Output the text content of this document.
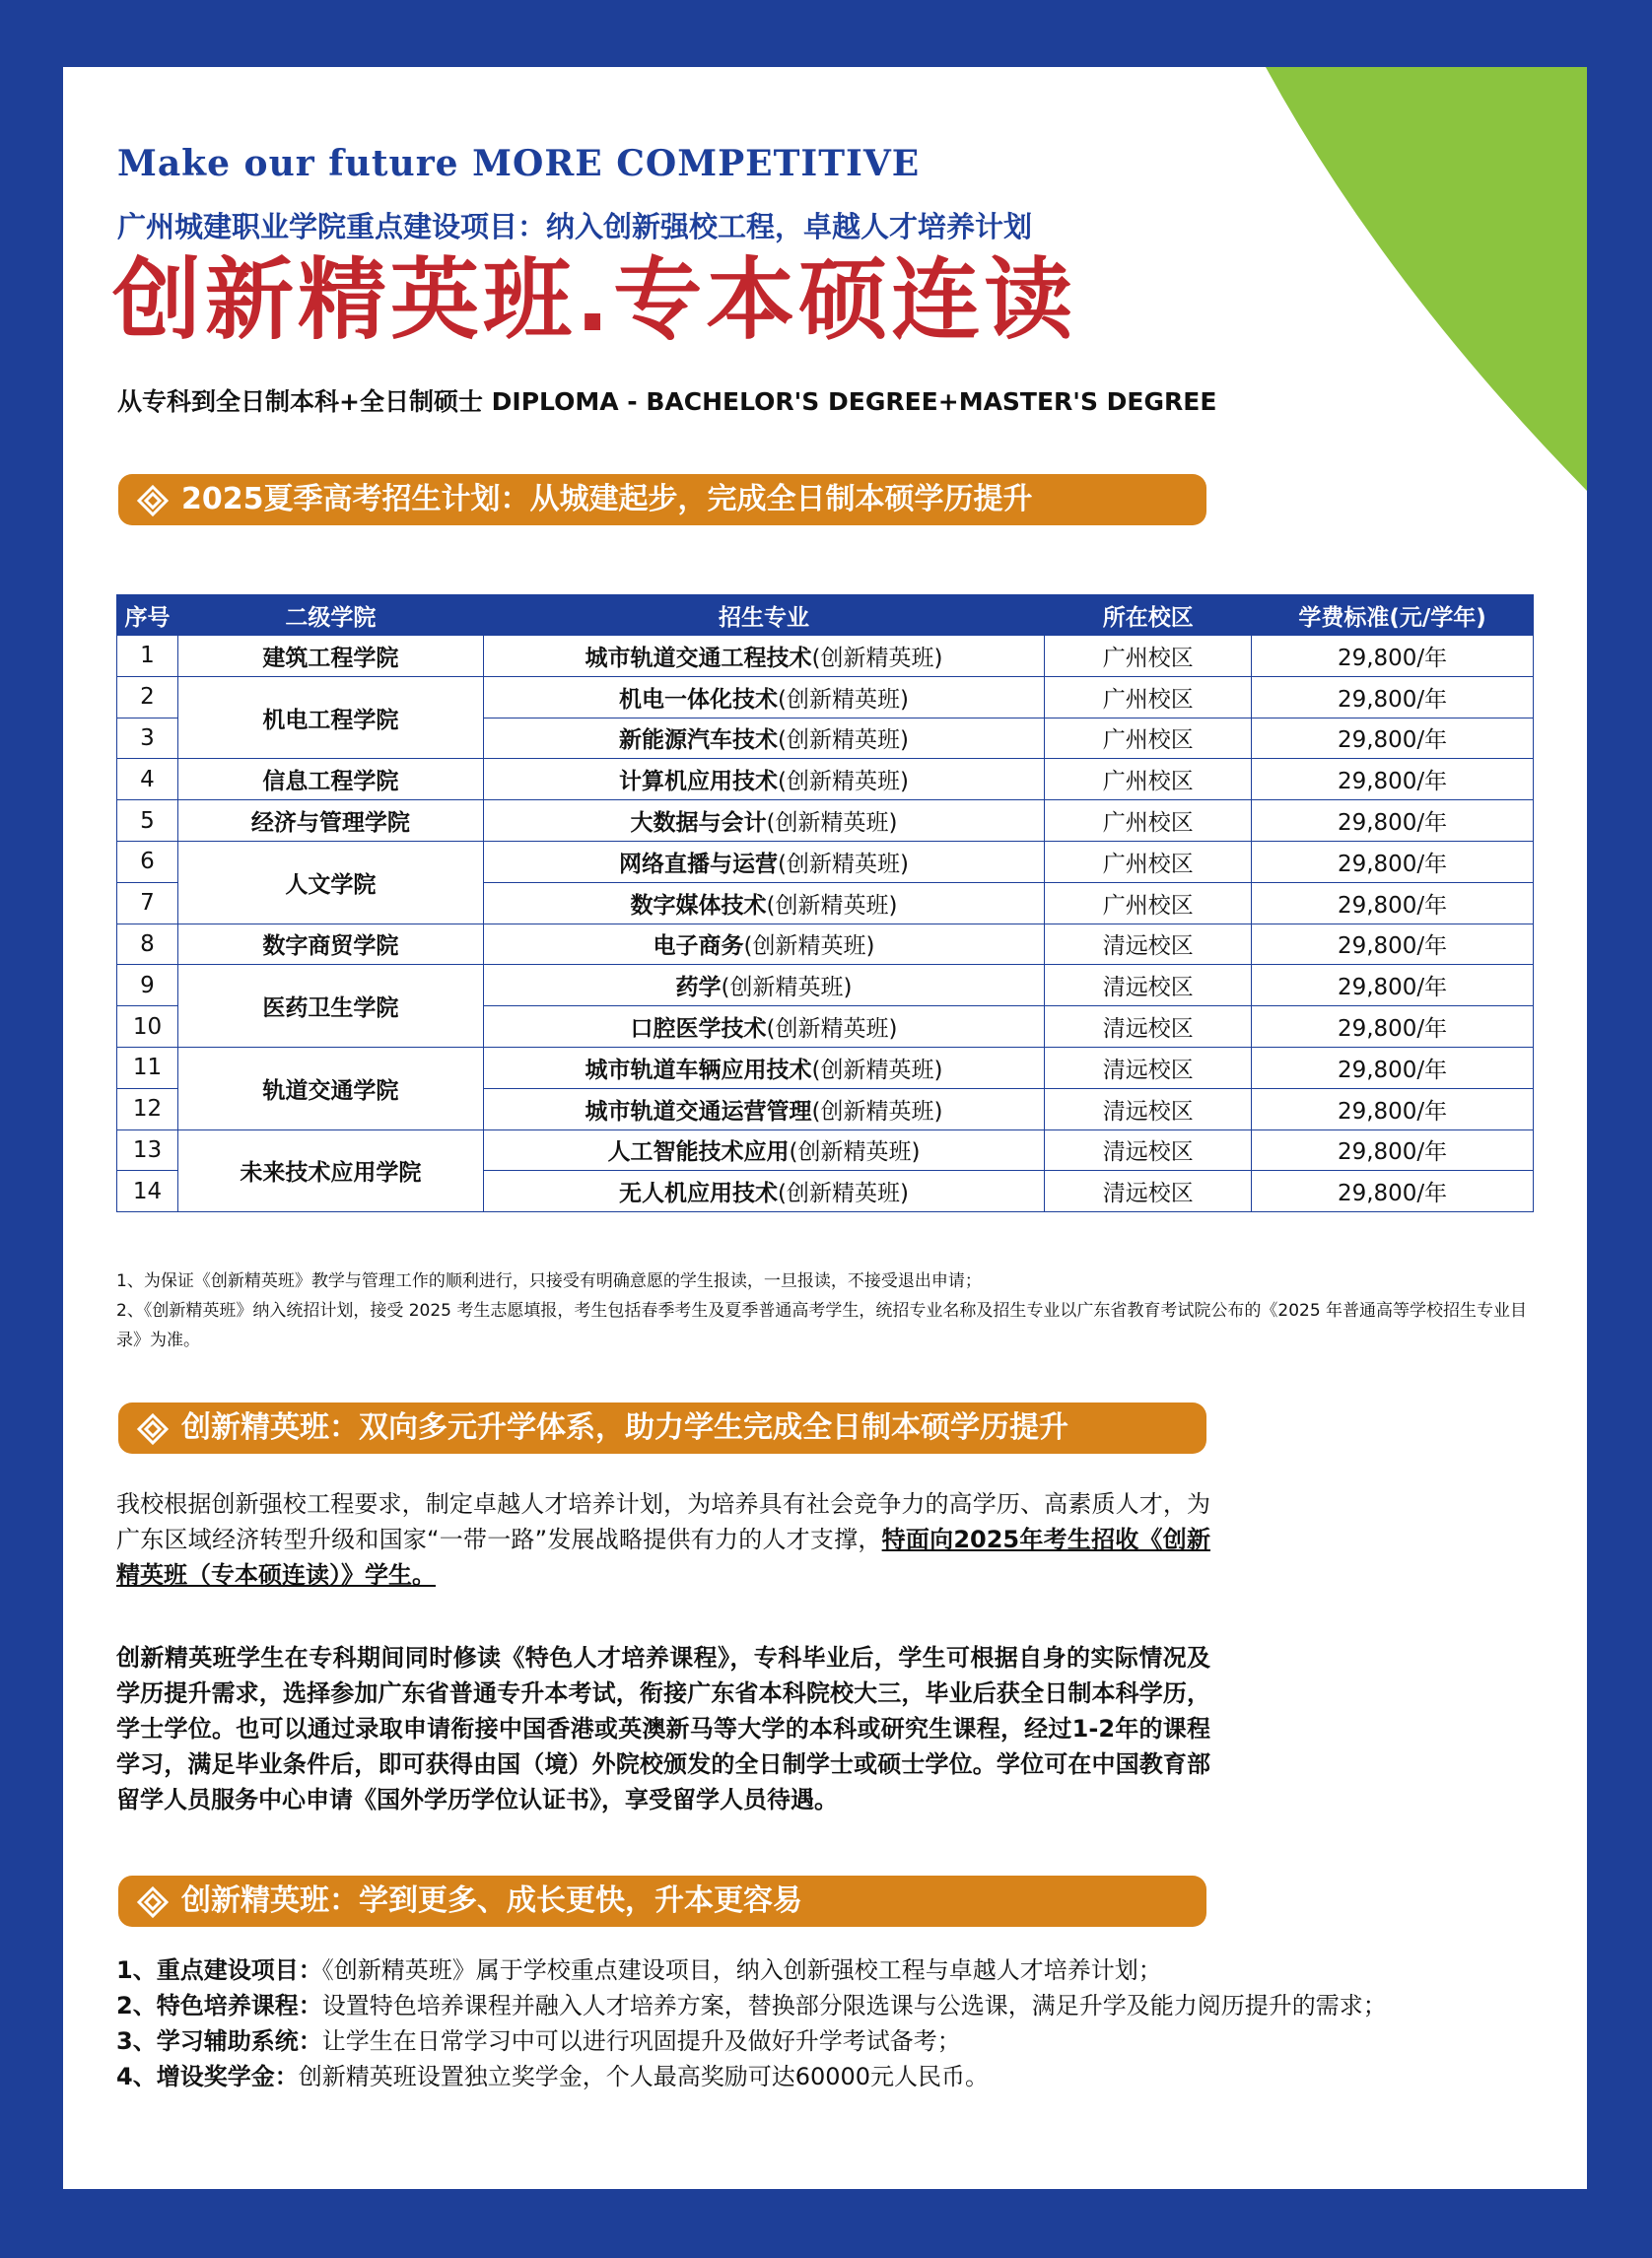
Make our future MORE COMPETITIVE
广州城建职业学院重点建设项目：纳入创新强校工程，卓越人才培养计划
创新精英班.专本硕连读
从专科到全日制本科+全日制硕士 DIPLOMA - BACHELOR'S DEGREE+MASTER'S DEGREE
2025夏季高考招生计划：从城建起步，完成全日制本硕学历提升
序号	二级学院	招生专业	所在校区	学费标准(元/学年)
1	建筑工程学院	城市轨道交通工程技术(创新精英班)	广州校区	29,800/年
2	机电工程学院	机电一体化技术(创新精英班)	广州校区	29,800/年
3		新能源汽车技术(创新精英班)	广州校区	29,800/年
4	信息工程学院	计算机应用技术(创新精英班)	广州校区	29,800/年
5	经济与管理学院	大数据与会计(创新精英班)	广州校区	29,800/年
6	人文学院	网络直播与运营(创新精英班)	广州校区	29,800/年
7		数字媒体技术(创新精英班)	广州校区	29,800/年
8	数字商贸学院	电子商务(创新精英班)	清远校区	29,800/年
9	医药卫生学院	药学(创新精英班)	清远校区	29,800/年
10		口腔医学技术(创新精英班)	清远校区	29,800/年
11	轨道交通学院	城市轨道车辆应用技术(创新精英班)	清远校区	29,800/年
12		城市轨道交通运营管理(创新精英班)	清远校区	29,800/年
13	未来技术应用学院	人工智能技术应用(创新精英班)	清远校区	29,800/年
14		无人机应用技术(创新精英班)	清远校区	29,800/年
1、为保证《创新精英班》教学与管理工作的顺利进行，只接受有明确意愿的学生报读，一旦报读，不接受退出申请；
2、《创新精英班》纳入统招计划，接受 2025 考生志愿填报，考生包括春季考生及夏季普通高考学生，统招专业名称及招生专业以广东省教育考试院公布的《2025 年普通高等学校招生专业目录》为准。
创新精英班：双向多元升学体系，助力学生完成全日制本硕学历提升
我校根据创新强校工程要求，制定卓越人才培养计划，为培养具有社会竞争力的高学历、高素质人才，为广东区域经济转型升级和国家“一带一路”发展战略提供有力的人才支撑，特面向2025年考生招收《创新精英班（专本硕连读）》学生。
创新精英班学生在专科期间同时修读《特色人才培养课程》，专科毕业后，学生可根据自身的实际情况及学历提升需求，选择参加广东省普通专升本考试，衔接广东省本科院校大三，毕业后获全日制本科学历，学士学位。也可以通过录取申请衔接中国香港或英澳新马等大学的本科或研究生课程，经过1-2年的课程学习，满足毕业条件后，即可获得由国（境）外院校颁发的全日制学士或硕士学位。学位可在中国教育部留学人员服务中心申请《国外学历学位认证书》，享受留学人员待遇。
创新精英班：学到更多、成长更快，升本更容易
1、重点建设项目：《创新精英班》属于学校重点建设项目，纳入创新强校工程与卓越人才培养计划；
2、特色培养课程：设置特色培养课程并融入人才培养方案，替换部分限选课与公选课，满足升学及能力阅历提升的需求；
3、学习辅助系统：让学生在日常学习中可以进行巩固提升及做好升学考试备考；
4、增设奖学金：创新精英班设置独立奖学金，个人最高奖励可达60000元人民币。
